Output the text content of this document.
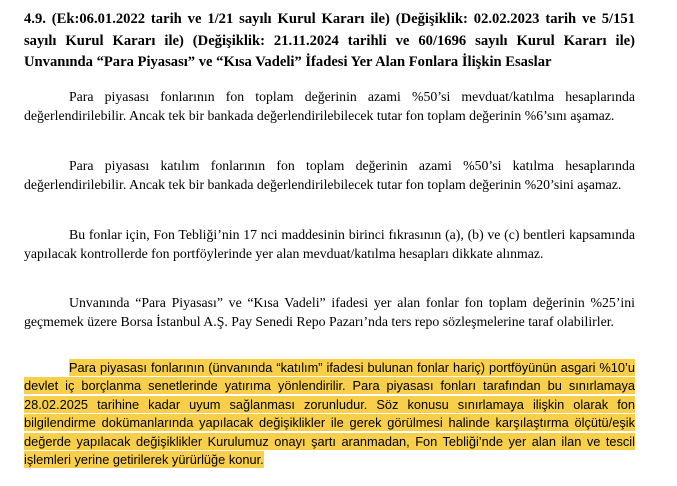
4.9. (Ek:06.01.2022 tarih ve 1/21 sayılı Kurul Kararı ile) (Değişiklik: 02.02.2023 tarih ve 5/151 sayılı Kurul Kararı ile) (Değişiklik: 21.11.2024 tarihli ve 60/1696 sayılı Kurul Kararı ile) Unvanında “Para Piyasası” ve “Kısa Vadeli” İfadesi Yer Alan Fonlara İlişkin Esaslar

Para piyasası fonlarının fon toplam değerinin azami %50’si mevduat/katılma hesaplarında değerlendirilebilir. Ancak tek bir bankada değerlendirilebilecek tutar fon toplam değerinin %6’sını aşamaz.

Para piyasası katılım fonlarının fon toplam değerinin azami %50’si katılma hesaplarında değerlendirilebilir. Ancak tek bir bankada değerlendirilebilecek tutar fon toplam değerinin %20’sini aşamaz.

Bu fonlar için, Fon Tebliği’nin 17 nci maddesinin birinci fıkrasının (a), (b) ve (c) bentleri kapsamında yapılacak kontrollerde fon portföylerinde yer alan mevduat/katılma hesapları dikkate alınmaz.

Unvanında “Para Piyasası” ve “Kısa Vadeli” ifadesi yer alan fonlar fon toplam değerinin %25’ini geçmemek üzere Borsa İstanbul A.Ş. Pay Senedi Repo Pazarı’nda ters repo sözleşmelerine taraf olabilirler.

Para piyasası fonlarının (ünvanında “katılım” ifadesi bulunan fonlar hariç) portföyünün asgari %10’u devlet iç borçlanma senetlerinde yatırıma yönlendirilir. Para piyasası fonları tarafından bu sınırlamaya 28.02.2025 tarihine kadar uyum sağlanması zorunludur. Söz konusu sınırlamaya ilişkin olarak fon bilgilendirme dokümanlarında yapılacak değişiklikler ile gerek görülmesi halinde karşılaştırma ölçütü/eşik değerde yapılacak değişiklikler Kurulumuz onayı şartı aranmadan, Fon Tebliği’nde yer alan ilan ve tescil işlemleri yerine getirilerek yürürlüğe konur.
